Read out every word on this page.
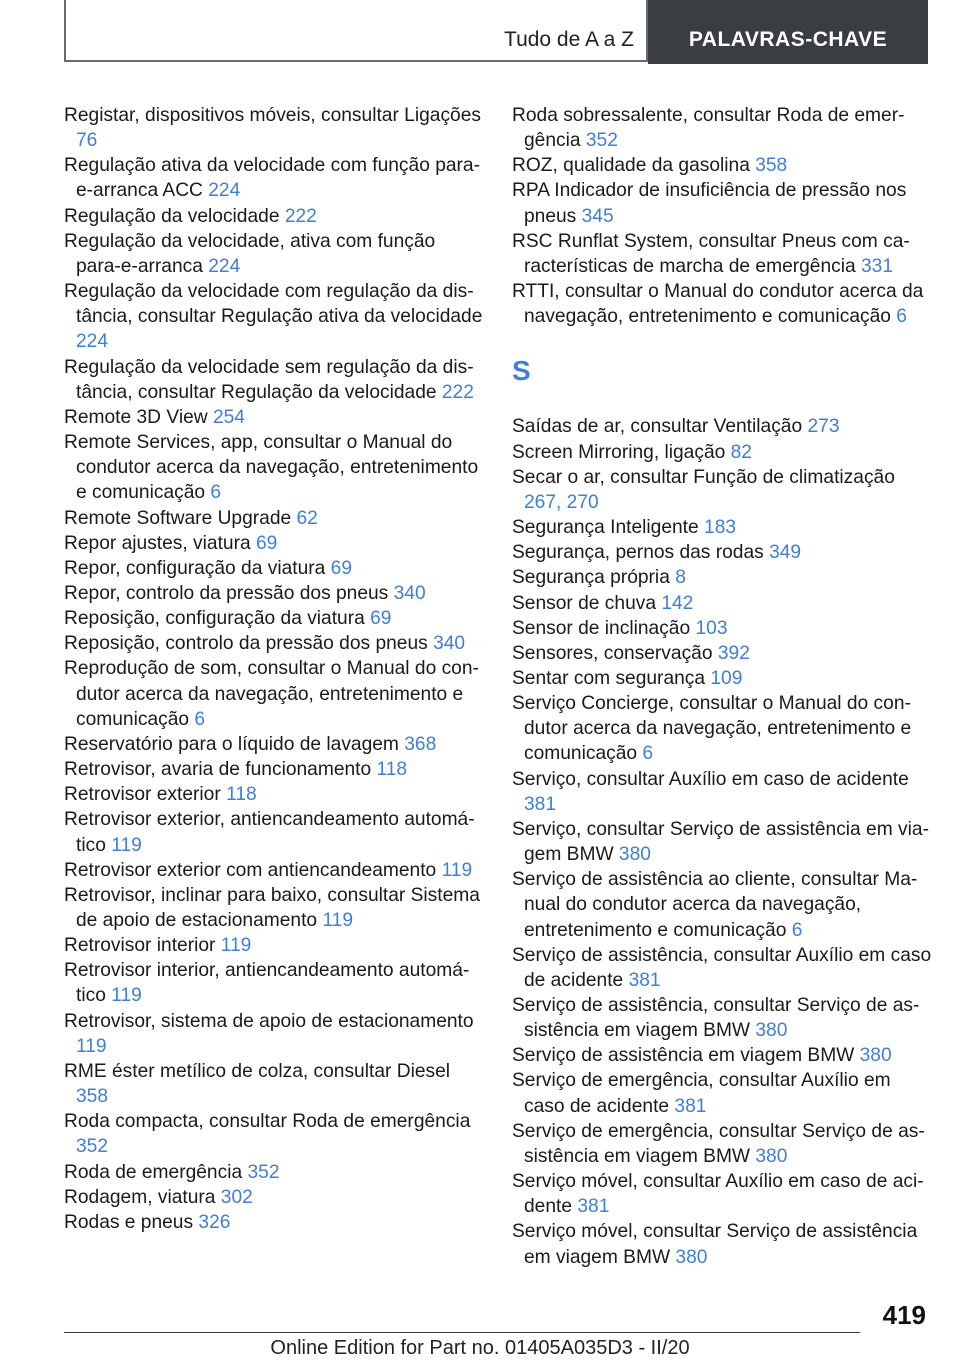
Tudo de A a Z	PALAVRAS-CHAVE

Registar, dispositivos móveis, consultar Ligações 76

Regulação ativa da velocidade com função para-e-arranca ACC 224

Regulação da velocidade 222

Regulação da velocidade, ativa com função para-e-arranca 224

Regulação da velocidade com regulação da distância, consultar Regulação ativa da velocidade 224

Regulação da velocidade sem regulação da distância, consultar Regulação da velocidade 222

Remote 3D View 254

Remote Services, app, consultar o Manual do condutor acerca da navegação, entretenimento e comunicação 6

Remote Software Upgrade 62

Repor ajustes, viatura 69

Repor, configuração da viatura 69

Repor, controlo da pressão dos pneus 340

Reposição, configuração da viatura 69

Reposição, controlo da pressão dos pneus 340

Reprodução de som, consultar o Manual do condutor acerca da navegação, entretenimento e comunicação 6

Reservatório para o líquido de lavagem 368

Retrovisor, avaria de funcionamento 118

Retrovisor exterior 118

Retrovisor exterior, antiencandeamento automático 119

Retrovisor exterior com antiencandeamento 119

Retrovisor, inclinar para baixo, consultar Sistema de apoio de estacionamento 119

Retrovisor interior 119

Retrovisor interior, antiencandeamento automático 119

Retrovisor, sistema de apoio de estacionamento 119

RME éster metílico de colza, consultar Diesel 358

Roda compacta, consultar Roda de emergência 352

Roda de emergência 352

Rodagem, viatura 302

Rodas e pneus 326

Roda sobressalente, consultar Roda de emergência 352

ROZ, qualidade da gasolina 358

RPA Indicador de insuficiência de pressão nos pneus 345

RSC Runflat System, consultar Pneus com características de marcha de emergência 331

RTTI, consultar o Manual do condutor acerca da navegação, entretenimento e comunicação 6

S

Saídas de ar, consultar Ventilação 273

Screen Mirroring, ligação 82

Secar o ar, consultar Função de climatização 267, 270

Segurança Inteligente 183

Segurança, pernos das rodas 349

Segurança própria 8

Sensor de chuva 142

Sensor de inclinação 103

Sensores, conservação 392

Sentar com segurança 109

Serviço Concierge, consultar o Manual do condutor acerca da navegação, entretenimento e comunicação 6

Serviço, consultar Auxílio em caso de acidente 381

Serviço, consultar Serviço de assistência em viagem BMW 380

Serviço de assistência ao cliente, consultar Manual do condutor acerca da navegação, entretenimento e comunicação 6

Serviço de assistência, consultar Auxílio em caso de acidente 381

Serviço de assistência, consultar Serviço de assistência em viagem BMW 380

Serviço de assistência em viagem BMW 380

Serviço de emergência, consultar Auxílio em caso de acidente 381

Serviço de emergência, consultar Serviço de assistência em viagem BMW 380

Serviço móvel, consultar Auxílio em caso de acidente 381

Serviço móvel, consultar Serviço de assistência em viagem BMW 380

419
Online Edition for Part no. 01405A035D3 - II/20
